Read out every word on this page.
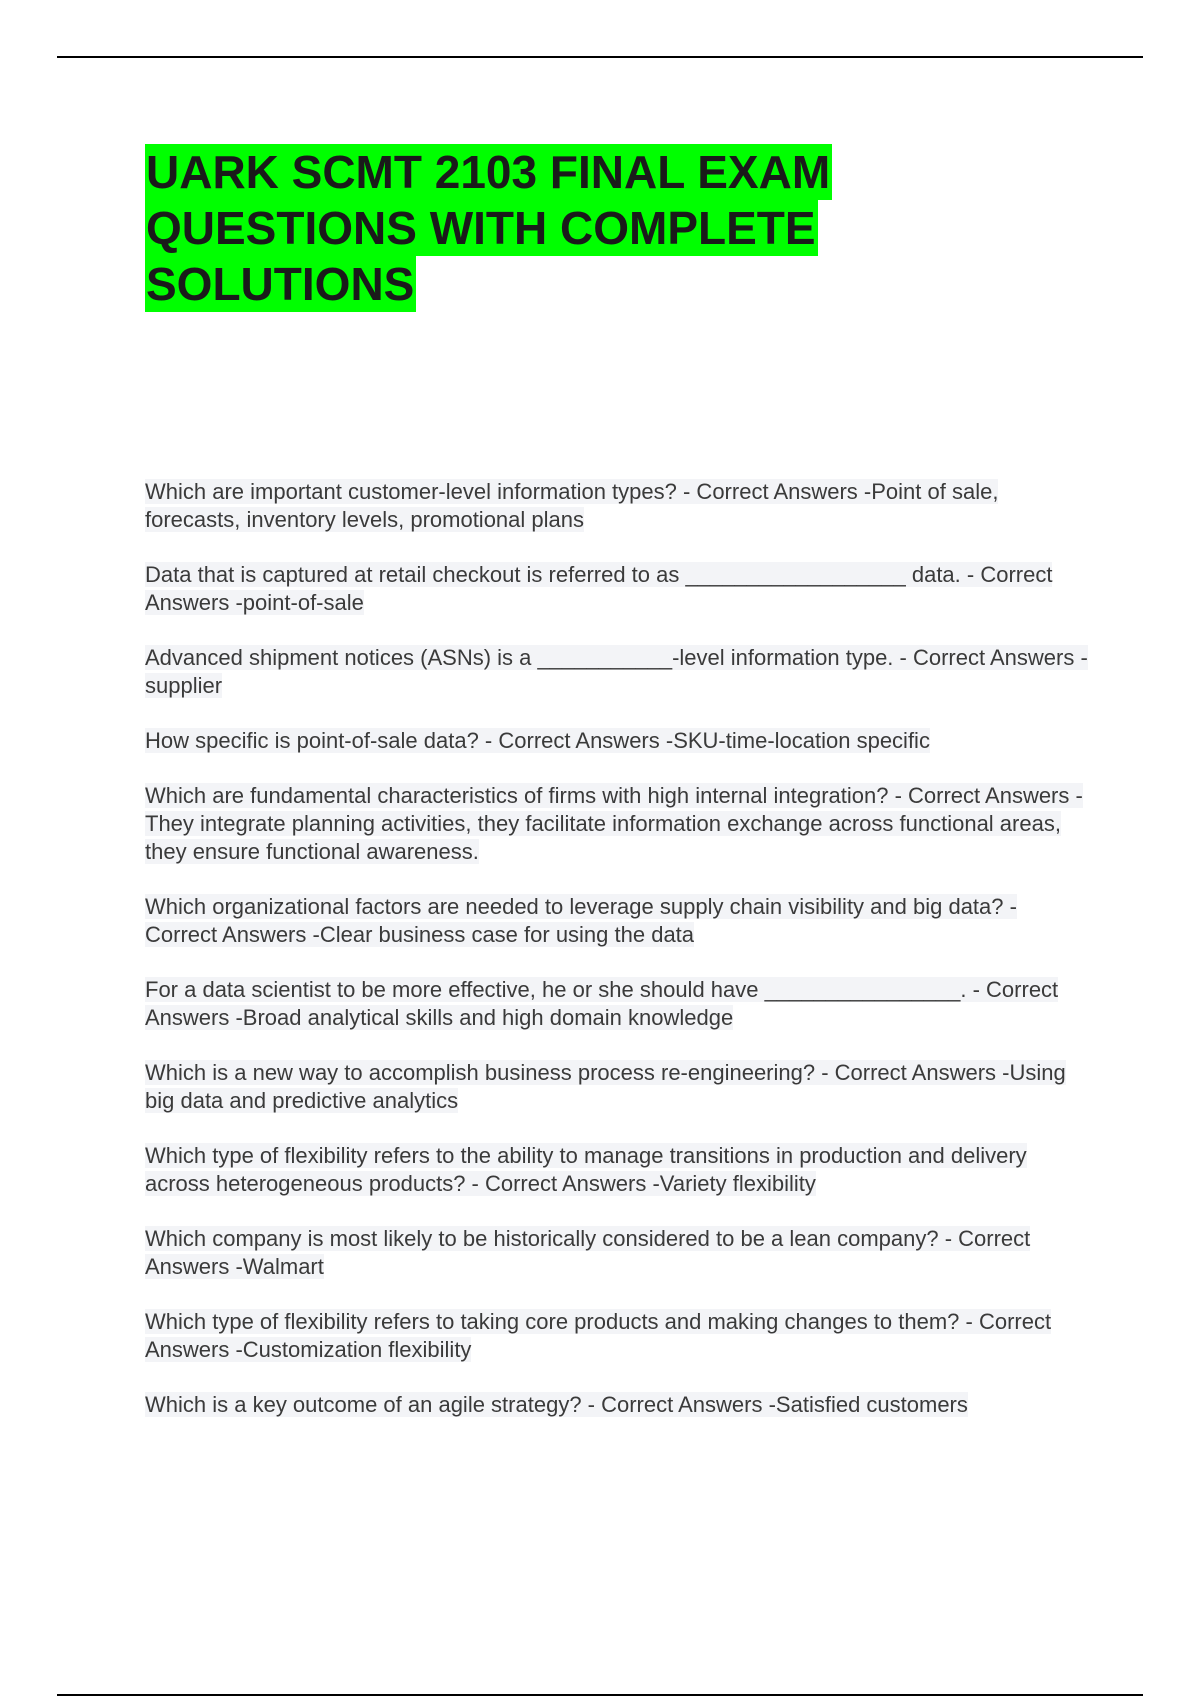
UARK SCMT 2103 FINAL EXAM
QUESTIONS WITH COMPLETE
SOLUTIONS
Which are important customer-level information types? - Correct Answers -Point of sale, forecasts, inventory levels, promotional plans
Data that is captured at retail checkout is referred to as __________________ data. - Correct Answers -point-of-sale
Advanced shipment notices (ASNs) is a ___________-level information type. - Correct Answers -supplier
How specific is point-of-sale data? - Correct Answers -SKU-time-location specific
Which are fundamental characteristics of firms with high internal integration? - Correct Answers -They integrate planning activities, they facilitate information exchange across functional areas, they ensure functional awareness.
Which organizational factors are needed to leverage supply chain visibility and big data? - Correct Answers -Clear business case for using the data
For a data scientist to be more effective, he or she should have ________________. - Correct Answers -Broad analytical skills and high domain knowledge
Which is a new way to accomplish business process re-engineering? - Correct Answers -Using big data and predictive analytics
Which type of flexibility refers to the ability to manage transitions in production and delivery across heterogeneous products? - Correct Answers -Variety flexibility
Which company is most likely to be historically considered to be a lean company? - Correct Answers -Walmart
Which type of flexibility refers to taking core products and making changes to them? - Correct Answers -Customization flexibility
Which is a key outcome of an agile strategy? - Correct Answers -Satisfied customers
